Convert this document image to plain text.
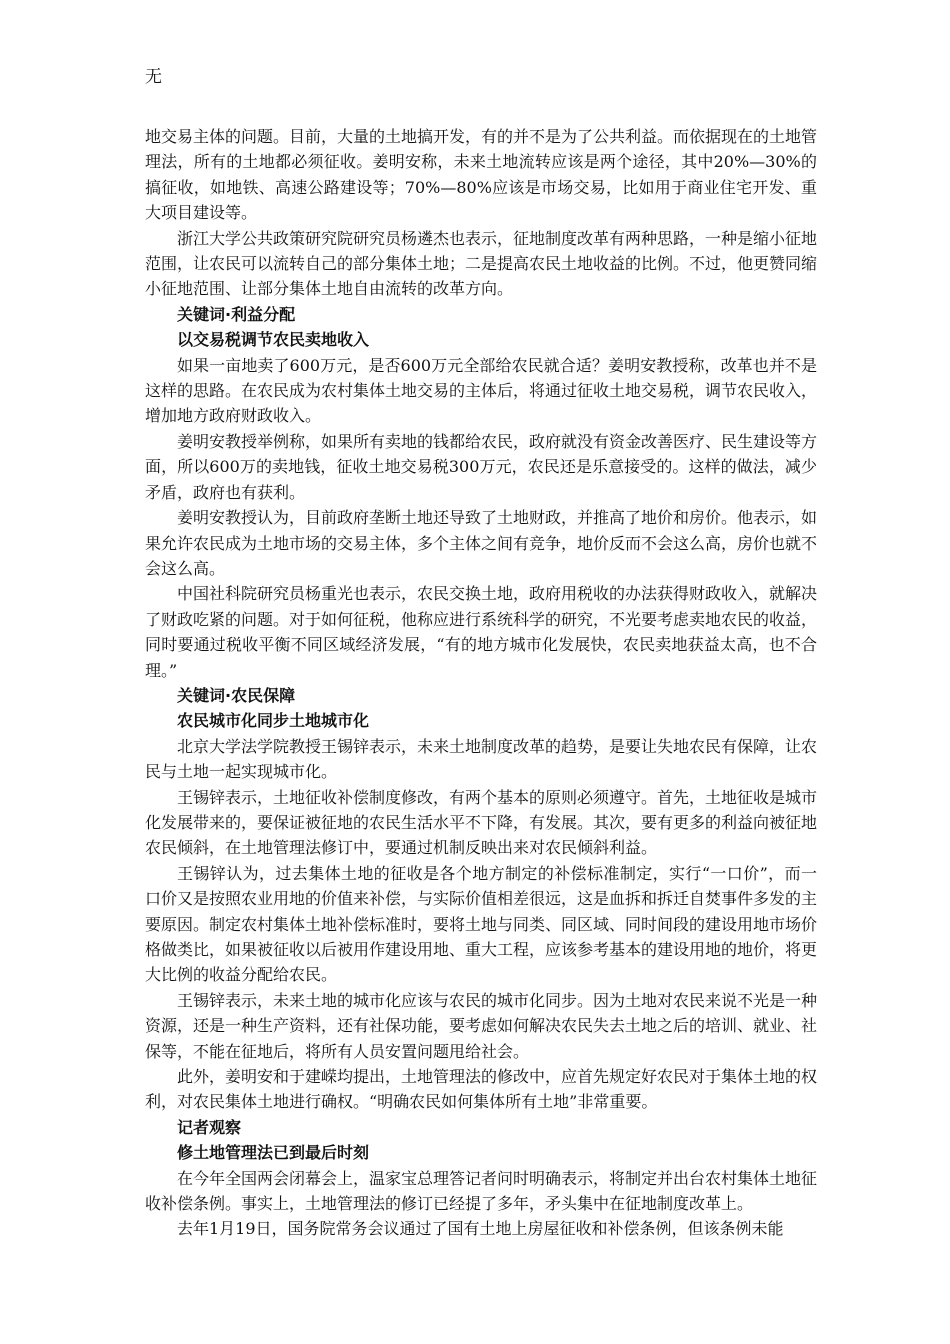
无

地交易主体的问题。目前，大量的土地搞开发，有的并不是为了公共利益。而依据现在的土地管理法，所有的土地都必须征收。姜明安称，未来土地流转应该是两个途径，其中20%—30%的搞征收，如地铁、高速公路建设等；70%—80%应该是市场交易，比如用于商业住宅开发、重大项目建设等。

浙江大学公共政策研究院研究员杨遴杰也表示，征地制度改革有两种思路，一种是缩小征地范围，让农民可以流转自己的部分集体土地；二是提高农民土地收益的比例。不过，他更赞同缩小征地范围、让部分集体土地自由流转的改革方向。

关键词·利益分配
以交易税调节农民卖地收入

如果一亩地卖了600万元，是否600万元全部给农民就合适？姜明安教授称，改革也并不是这样的思路。在农民成为农村集体土地交易的主体后，将通过征收土地交易税，调节农民收入，增加地方政府财政收入。

姜明安教授举例称，如果所有卖地的钱都给农民，政府就没有资金改善医疗、民生建设等方面，所以600万的卖地钱，征收土地交易税300万元，农民还是乐意接受的。这样的做法，减少矛盾，政府也有获利。

姜明安教授认为，目前政府垄断土地还导致了土地财政，并推高了地价和房价。他表示，如果允许农民成为土地市场的交易主体，多个主体之间有竞争，地价反而不会这么高，房价也就不会这么高。

中国社科院研究员杨重光也表示，农民交换土地，政府用税收的办法获得财政收入，就解决了财政吃紧的问题。对于如何征税，他称应进行系统科学的研究，不光要考虑卖地农民的收益，同时要通过税收平衡不同区域经济发展，“有的地方城市化发展快，农民卖地获益太高，也不合理。”

关键词·农民保障
农民城市化同步土地城市化

北京大学法学院教授王锡锌表示，未来土地制度改革的趋势，是要让失地农民有保障，让农民与土地一起实现城市化。

王锡锌表示，土地征收补偿制度修改，有两个基本的原则必须遵守。首先，土地征收是城市化发展带来的，要保证被征地的农民生活水平不下降，有发展。其次，要有更多的利益向被征地农民倾斜，在土地管理法修订中，要通过机制反映出来对农民倾斜利益。

王锡锌认为，过去集体土地的征收是各个地方制定的补偿标准制定，实行“一口价”，而一口价又是按照农业用地的价值来补偿，与实际价值相差很远，这是血拆和拆迁自焚事件多发的主要原因。制定农村集体土地补偿标准时，要将土地与同类、同区域、同时间段的建设用地市场价格做类比，如果被征收以后被用作建设用地、重大工程，应该参考基本的建设用地的地价，将更大比例的收益分配给农民。

王锡锌表示，未来土地的城市化应该与农民的城市化同步。因为土地对农民来说不光是一种资源，还是一种生产资料，还有社保功能，要考虑如何解决农民失去土地之后的培训、就业、社保等，不能在征地后，将所有人员安置问题甩给社会。

此外，姜明安和于建嵘均提出，土地管理法的修改中，应首先规定好农民对于集体土地的权利，对农民集体土地进行确权。“明确农民如何集体所有土地”非常重要。

记者观察
修土地管理法已到最后时刻

在今年全国两会闭幕会上，温家宝总理答记者问时明确表示，将制定并出台农村集体土地征收补偿条例。事实上，土地管理法的修订已经提了多年，矛头集中在征地制度改革上。

去年1月19日，国务院常务会议通过了国有土地上房屋征收和补偿条例，但该条例未能
